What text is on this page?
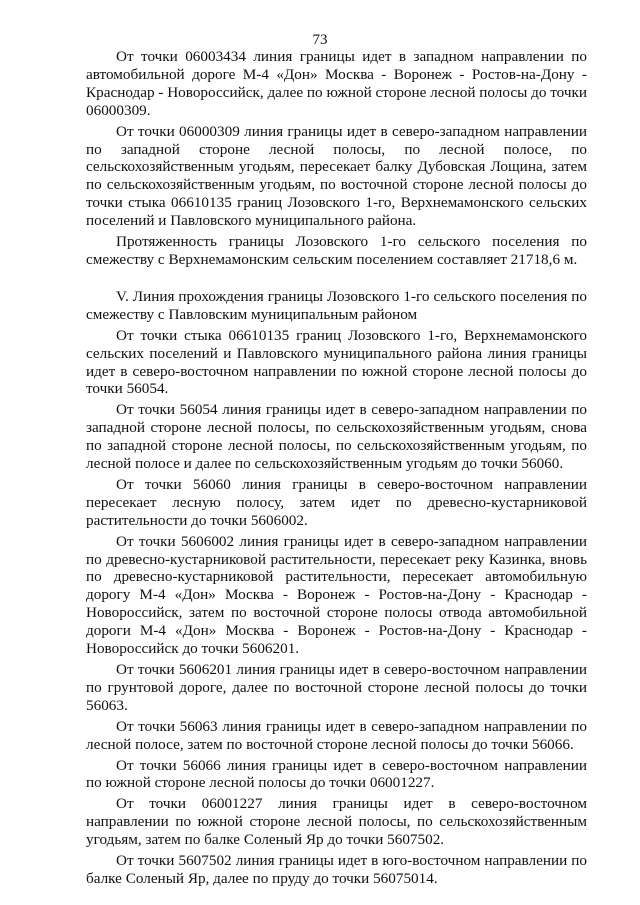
73

От точки 06003434 линия границы идет в западном направлении по автомобильной дороге М-4 «Дон» Москва - Воронеж - Ростов-на-Дону - Краснодар - Новороссийск, далее по южной стороне лесной полосы до точки 06000309.

От точки 06000309 линия границы идет в северо-западном направлении по западной стороне лесной полосы, по лесной полосе, по сельскохозяйственным угодьям, пересекает балку Дубовская Лощина, затем по сельскохозяйственным угодьям, по восточной стороне лесной полосы до точки стыка 06610135 границ Лозовского 1-го, Верхнемамонского сельских поселений и Павловского муниципального района.

Протяженность границы Лозовского 1-го сельского поселения по смежеству с Верхнемамонским сельским поселением составляет 21718,6 м.

V. Линия прохождения границы Лозовского 1-го сельского поселения по смежеству с Павловским муниципальным районом

От точки стыка 06610135 границ Лозовского 1-го, Верхнемамонского сельских поселений и Павловского муниципального района линия границы идет в северо-восточном направлении по южной стороне лесной полосы до точки 56054.

От точки 56054 линия границы идет в северо-западном направлении по западной стороне лесной полосы, по сельскохозяйственным угодьям, снова по западной стороне лесной полосы, по сельскохозяйственным угодьям, по лесной полосе и далее по сельскохозяйственным угодьям до точки 56060.

От точки 56060 линия границы в северо-восточном направлении пересекает лесную полосу, затем идет по древесно-кустарниковой растительности до точки 5606002.

От точки 5606002 линия границы идет в северо-западном направлении по древесно-кустарниковой растительности, пересекает реку Казинка, вновь по древесно-кустарниковой растительности, пересекает автомобильную дорогу М-4 «Дон» Москва - Воронеж - Ростов-на-Дону - Краснодар - Новороссийск, затем по восточной стороне полосы отвода автомобильной дороги М-4 «Дон» Москва - Воронеж - Ростов-на-Дону - Краснодар - Новороссийск до точки 5606201.

От точки 5606201 линия границы идет в северо-восточном направлении по грунтовой дороге, далее по восточной стороне лесной полосы до точки 56063.

От точки 56063 линия границы идет в северо-западном направлении по лесной полосе, затем по восточной стороне лесной полосы до точки 56066.

От точки 56066 линия границы идет в северо-восточном направлении по южной стороне лесной полосы до точки 06001227.

От точки 06001227 линия границы идет в северо-восточном направлении по южной стороне лесной полосы, по сельскохозяйственным угодьям, затем по балке Соленый Яр до точки 5607502.

От точки 5607502 линия границы идет в юго-восточном направлении по балке Соленый Яр, далее по пруду до точки 56075014.
